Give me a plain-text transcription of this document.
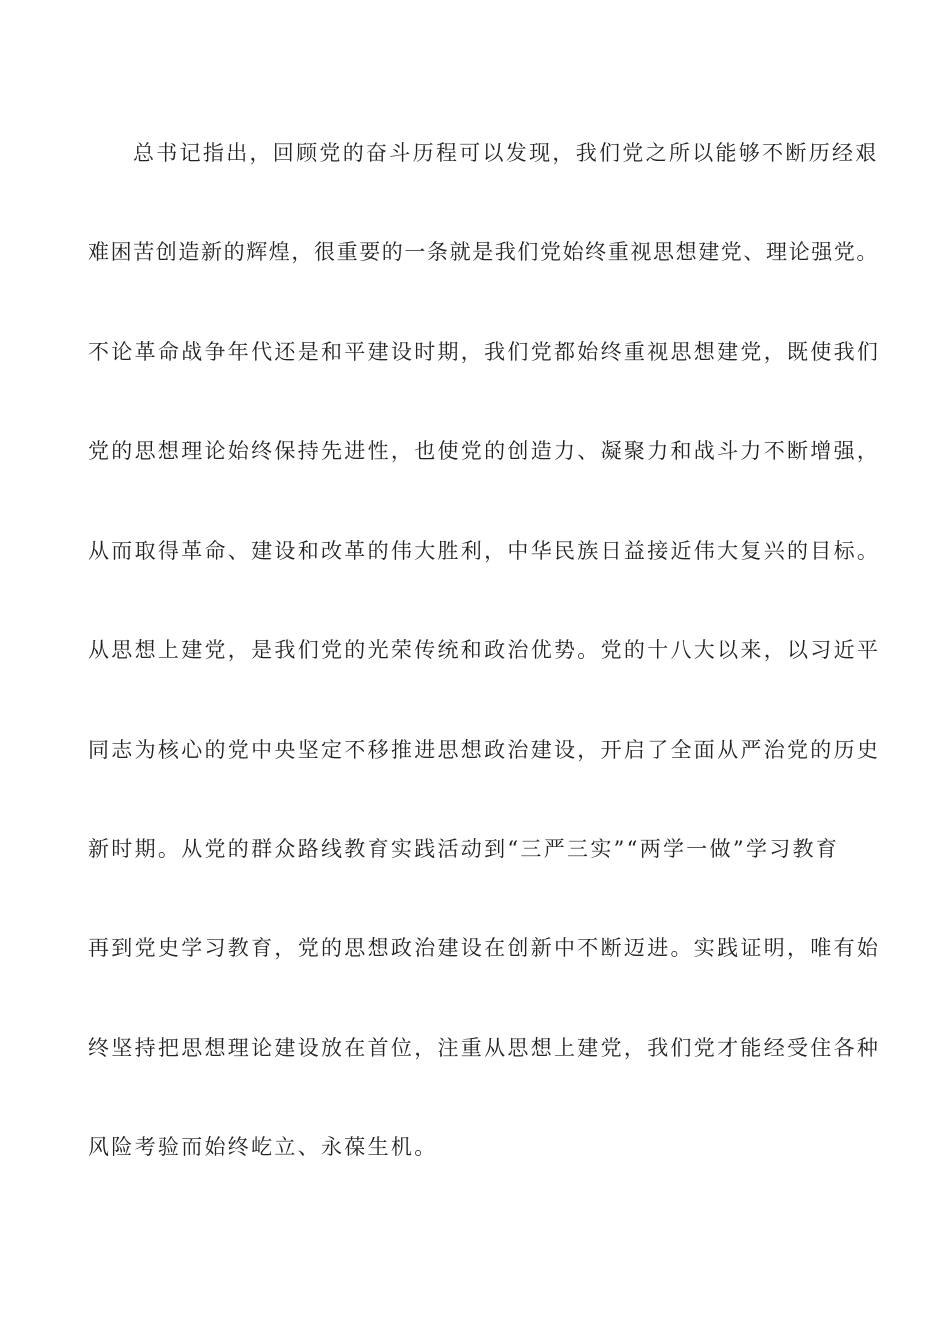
总书记指出，回顾党的奋斗历程可以发现，我们党之所以能够不断历经艰
难困苦创造新的辉煌，很重要的一条就是我们党始终重视思想建党、理论强党。
不论革命战争年代还是和平建设时期，我们党都始终重视思想建党，既使我们
党的思想理论始终保持先进性，也使党的创造力、凝聚力和战斗力不断增强，
从而取得革命、建设和改革的伟大胜利，中华民族日益接近伟大复兴的目标。
从思想上建党，是我们党的光荣传统和政治优势。党的十八大以来，以习近平
同志为核心的党中央坚定不移推进思想政治建设，开启了全面从严治党的历史
新时期。从党的群众路线教育实践活动到“三严三实”“两学一做”学习教育
再到党史学习教育，党的思想政治建设在创新中不断迈进。实践证明，唯有始
终坚持把思想理论建设放在首位，注重从思想上建党，我们党才能经受住各种
风险考验而始终屹立、永葆生机。
